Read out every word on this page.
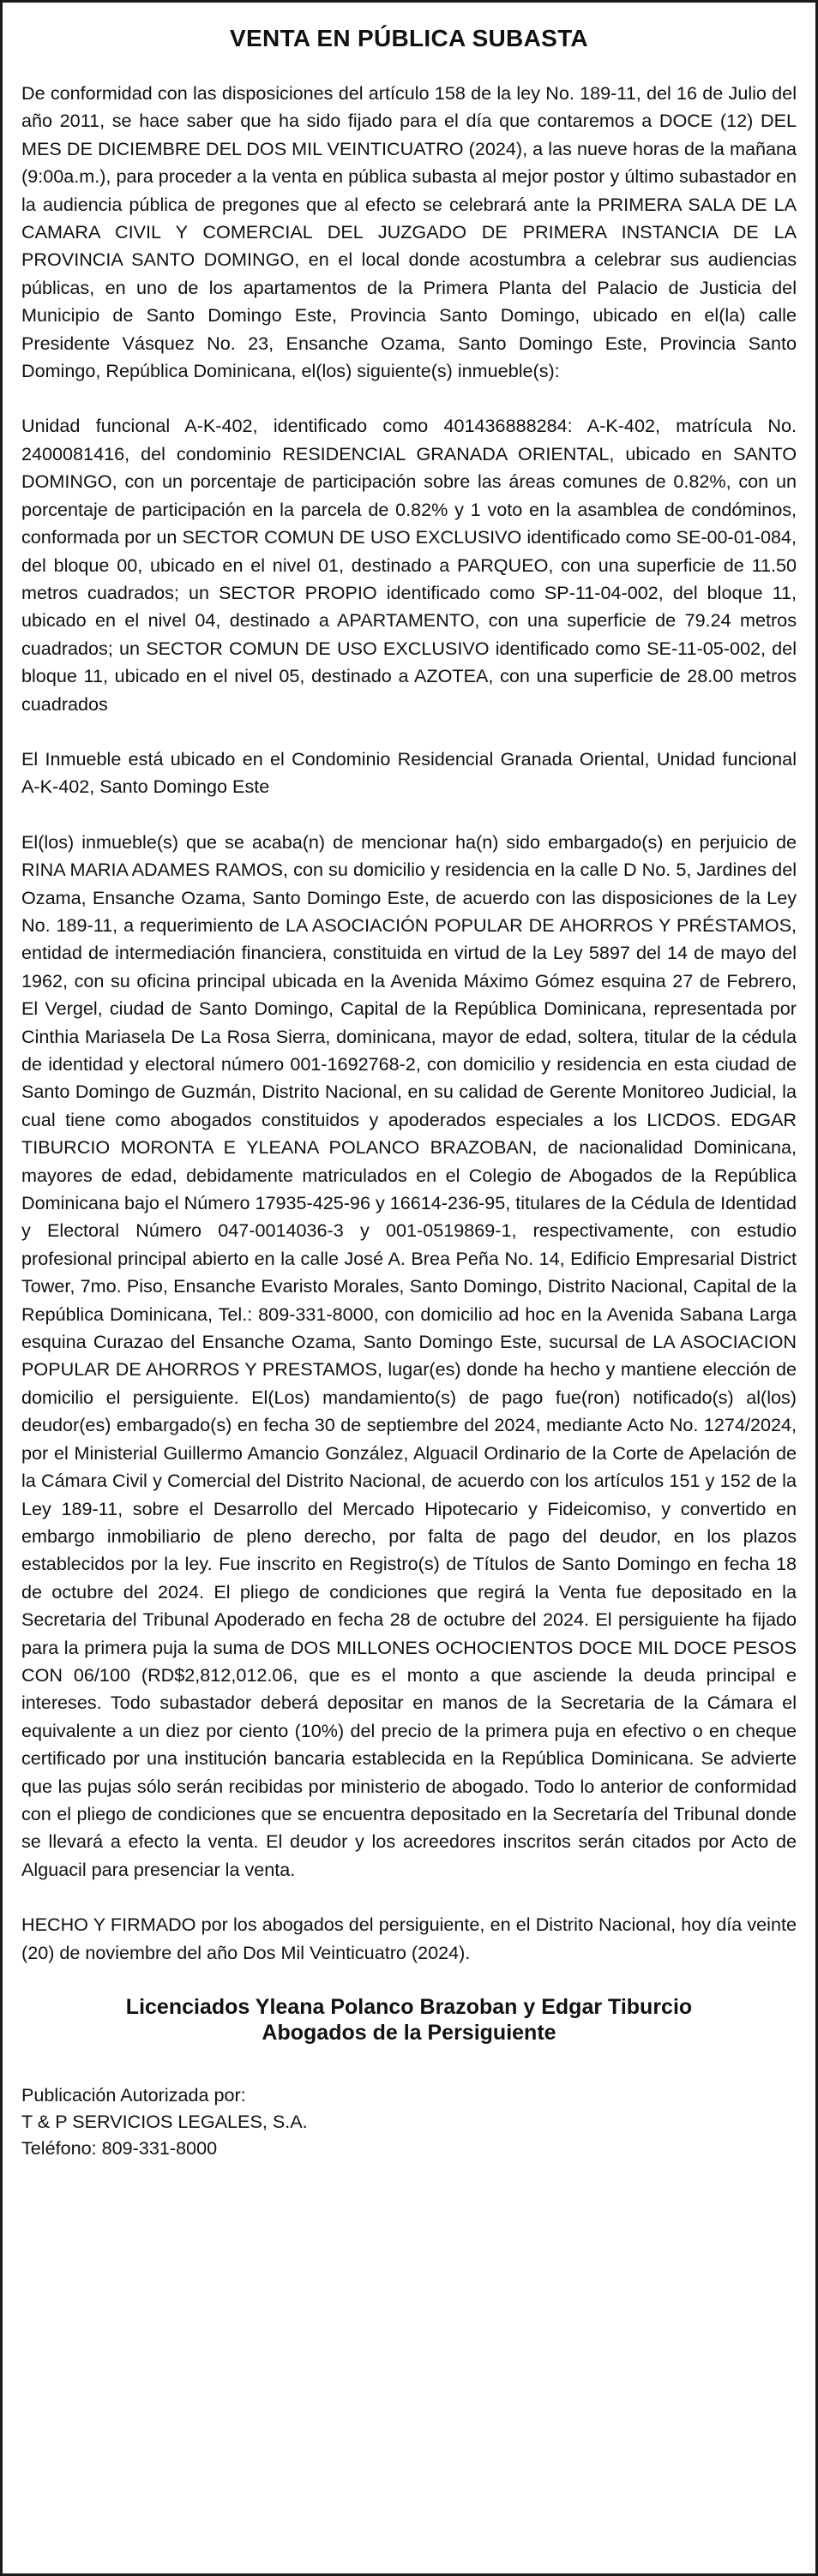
VENTA EN PÚBLICA SUBASTA

De conformidad con las disposiciones del artículo 158 de la ley No. 189-11, del 16 de Julio del año 2011, se hace saber que ha sido fijado para el día que contaremos a DOCE (12) DEL MES DE DICIEMBRE DEL DOS MIL VEINTICUATRO (2024), a las nueve horas de la mañana (9:00a.m.), para proceder a la venta en pública subasta al mejor postor y último subastador en la audiencia pública de pregones que al efecto se celebrará ante la PRIMERA SALA DE LA CAMARA CIVIL Y COMERCIAL DEL JUZGADO DE PRIMERA INSTANCIA DE LA PROVINCIA SANTO DOMINGO, en el local donde acostumbra a celebrar sus audiencias públicas, en uno de los apartamentos de la Primera Planta del Palacio de Justicia del Municipio de Santo Domingo Este, Provincia Santo Domingo, ubicado en el(la) calle Presidente Vásquez No. 23, Ensanche Ozama, Santo Domingo Este, Provincia Santo Domingo, República Dominicana, el(los) siguiente(s) inmueble(s):

Unidad funcional A-K-402, identificado como 401436888284: A-K-402, matrícula No. 2400081416, del condominio RESIDENCIAL GRANADA ORIENTAL, ubicado en SANTO DOMINGO, con un porcentaje de participación sobre las áreas comunes de 0.82%, con un porcentaje de participación en la parcela de 0.82% y 1 voto en la asamblea de condóminos, conformada por un SECTOR COMUN DE USO EXCLUSIVO identificado como SE-00-01-084, del bloque 00, ubicado en el nivel 01, destinado a PARQUEO, con una superficie de 11.50 metros cuadrados; un SECTOR PROPIO identificado como SP-11-04-002, del bloque 11, ubicado en el nivel 04, destinado a APARTAMENTO, con una superficie de 79.24 metros cuadrados; un SECTOR COMUN DE USO EXCLUSIVO identificado como SE-11-05-002, del bloque 11, ubicado en el nivel 05, destinado a AZOTEA, con una superficie de 28.00 metros cuadrados

El Inmueble está ubicado en el Condominio Residencial Granada Oriental, Unidad funcional A-K-402, Santo Domingo Este

El(los) inmueble(s) que se acaba(n) de mencionar ha(n) sido embargado(s) en perjuicio de RINA MARIA ADAMES RAMOS, con su domicilio y residencia en la calle D No. 5, Jardines del Ozama, Ensanche Ozama, Santo Domingo Este, de acuerdo con las disposiciones de la Ley No. 189-11, a requerimiento de LA ASOCIACIÓN POPULAR DE AHORROS Y PRÉSTAMOS, entidad de intermediación financiera, constituida en virtud de la Ley 5897 del 14 de mayo del 1962, con su oficina principal ubicada en la Avenida Máximo Gómez esquina 27 de Febrero, El Vergel, ciudad de Santo Domingo, Capital de la República Dominicana, representada por Cinthia Mariasela De La Rosa Sierra, dominicana, mayor de edad, soltera, titular de la cédula de identidad y electoral número 001-1692768-2, con domicilio y residencia en esta ciudad de Santo Domingo de Guzmán, Distrito Nacional, en su calidad de Gerente Monitoreo Judicial, la cual tiene como abogados constituidos y apoderados especiales a los LICDOS. EDGAR TIBURCIO MORONTA E YLEANA POLANCO BRAZOBAN, de nacionalidad Dominicana, mayores de edad, debidamente matriculados en el Colegio de Abogados de la República Dominicana bajo el Número 17935-425-96 y 16614-236-95, titulares de la Cédula de Identidad y Electoral Número 047-0014036-3 y 001-0519869-1, respectivamente, con estudio profesional principal abierto en la calle José A. Brea Peña No. 14, Edificio Empresarial District Tower, 7mo. Piso, Ensanche Evaristo Morales, Santo Domingo, Distrito Nacional, Capital de la República Dominicana, Tel.: 809-331-8000, con domicilio ad hoc en la Avenida Sabana Larga esquina Curazao del Ensanche Ozama, Santo Domingo Este, sucursal de LA ASOCIACION POPULAR DE AHORROS Y PRESTAMOS, lugar(es) donde ha hecho y mantiene elección de domicilio el persiguiente. El(Los) mandamiento(s) de pago fue(ron) notificado(s) al(los) deudor(es) embargado(s) en fecha 30 de septiembre del 2024, mediante Acto No. 1274/2024, por el Ministerial Guillermo Amancio González, Alguacil Ordinario de la Corte de Apelación de la Cámara Civil y Comercial del Distrito Nacional, de acuerdo con los artículos 151 y 152 de la Ley 189-11, sobre el Desarrollo del Mercado Hipotecario y Fideicomiso, y convertido en embargo inmobiliario de pleno derecho, por falta de pago del deudor, en los plazos establecidos por la ley. Fue inscrito en Registro(s) de Títulos de Santo Domingo en fecha 18 de octubre del 2024. El pliego de condiciones que regirá la Venta fue depositado en la Secretaria del Tribunal Apoderado en fecha 28 de octubre del 2024. El persiguiente ha fijado para la primera puja la suma de DOS MILLONES OCHOCIENTOS DOCE MIL DOCE PESOS CON 06/100 (RD$2,812,012.06, que es el monto a que asciende la deuda principal e intereses. Todo subastador deberá depositar en manos de la Secretaria de la Cámara el equivalente a un diez por ciento (10%) del precio de la primera puja en efectivo o en cheque certificado por una institución bancaria establecida en la República Dominicana. Se advierte que las pujas sólo serán recibidas por ministerio de abogado. Todo lo anterior de conformidad con el pliego de condiciones que se encuentra depositado en la Secretaría del Tribunal donde se llevará a efecto la venta. El deudor y los acreedores inscritos serán citados por Acto de Alguacil para presenciar la venta.

HECHO Y FIRMADO por los abogados del persiguiente, en el Distrito Nacional, hoy día veinte (20) de noviembre del año Dos Mil Veinticuatro (2024).

Licenciados Yleana Polanco Brazoban y Edgar Tiburcio
Abogados de la Persiguiente
Publicación Autorizada por:
T & P SERVICIOS LEGALES, S.A.
Teléfono: 809-331-8000
